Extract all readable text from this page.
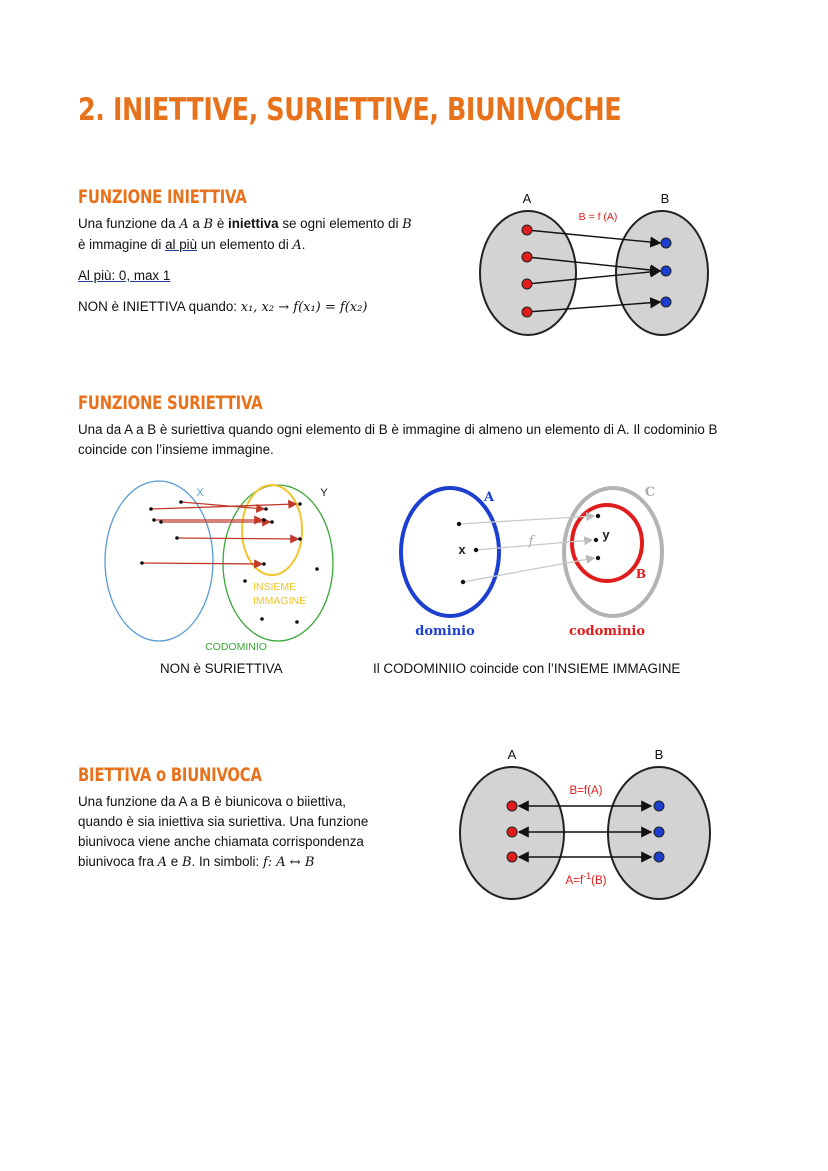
2. INIETTIVE, SURIETTIVE, BIUNIVOCHE
FUNZIONE INIETTIVA

Una funzione da A a B è iniettiva se ogni elemento di B
è immagine di al più un elemento di A.

Al più: 0, max 1

NON è INIETTIVA quando: x₁, x₂ → f(x₁) = f(x₂)

A	B
B = f (A)
FUNZIONE SURIETTIVA

Una da A a B è suriettiva quando ogni elemento di B è immagine di almeno un elemento di A. Il codominio B coincide con l’insieme immagine.

X	Y
INSIEME
IMMAGINE
CODOMINIO

NON è SURIETTIVA

A	C
x
y
f
B
dominio	codominio

Il CODOMINIIO coincide con l’INSIEME IMMAGINE

BIETTIVA o BIUNIVOCA

Una funzione da A a B è biunicova o biiettiva,
quando è sia iniettiva sia suriettiva. Una funzione
biunivoca viene anche chiamata corrispondenza
biunivoca fra A e B. In simboli: f: A ↔ B

A	B
B=f(A)
$A=f^{-1}(B)$
